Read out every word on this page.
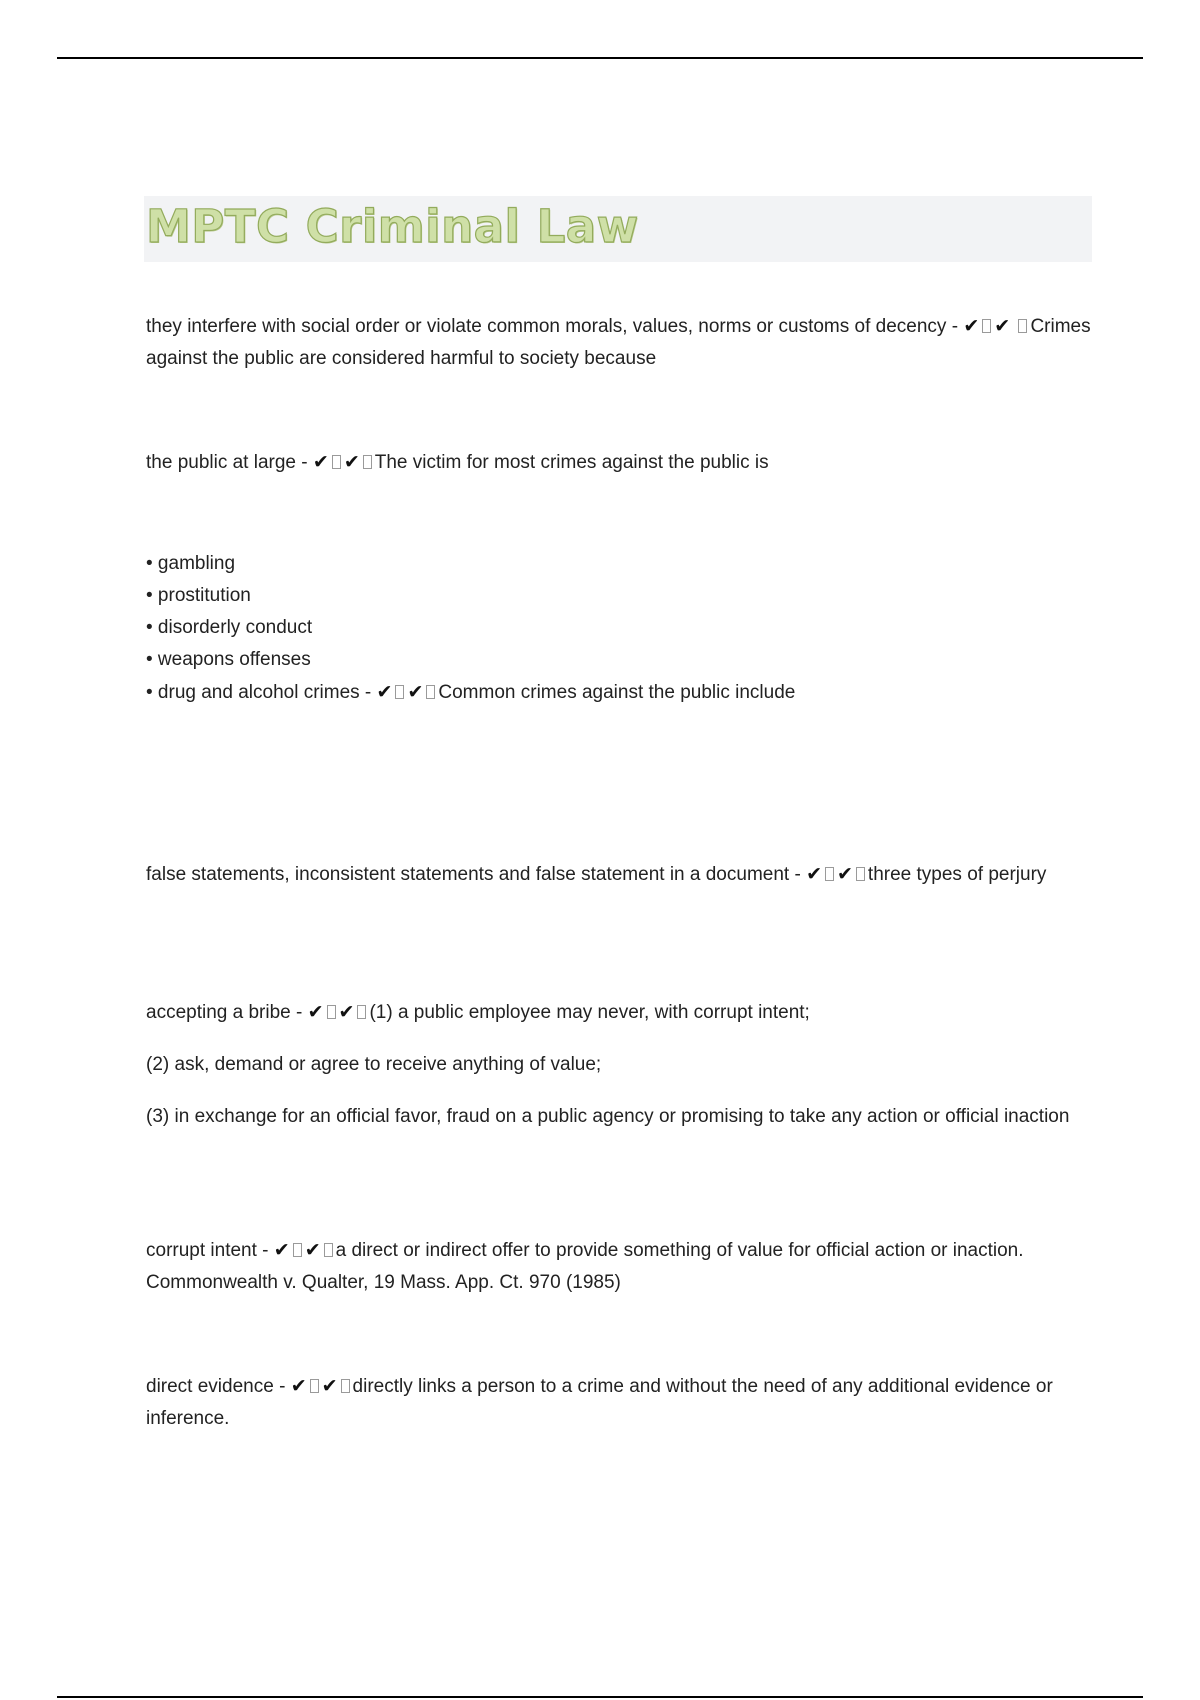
MPTC Criminal Law

they interfere with social order or violate common morals, values, norms or customs of decency - ✔ ✔ Crimes against the public are considered harmful to society because

the public at large - ✔ ✔ The victim for most crimes against the public is

• gambling

• prostitution

• disorderly conduct

• weapons offenses

• drug and alcohol crimes - ✔ ✔ Common crimes against the public include

false statements, inconsistent statements and false statement in a document - ✔ ✔ three types of perjury

accepting a bribe - ✔ ✔ (1) a public employee may never, with corrupt intent;

(2) ask, demand or agree to receive anything of value;

(3) in exchange for an official favor, fraud on a public agency or promising to take any action or official inaction

corrupt intent - ✔ ✔ a direct or indirect offer to provide something of value for official action or inaction. Commonwealth v. Qualter, 19 Mass. App. Ct. 970 (1985)

direct evidence - ✔ ✔ directly links a person to a crime and without the need of any additional evidence or inference.
